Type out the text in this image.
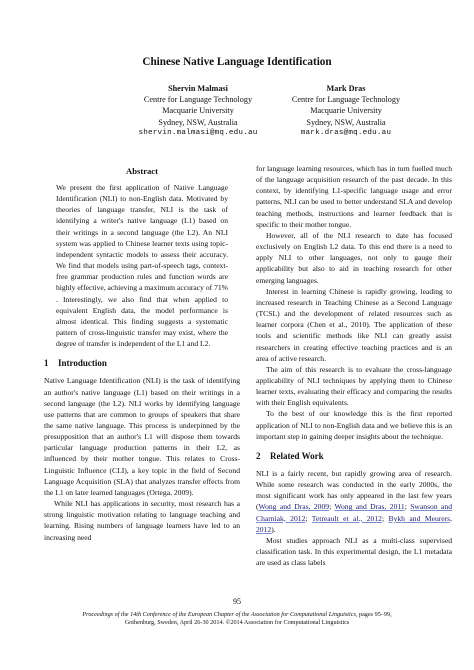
Chinese Native Language Identification
Shervin Malmasi
Centre for Language Technology
Macquarie University
Sydney, NSW, Australia
shervin.malmasi@mq.edu.au
Mark Dras
Centre for Language Technology
Macquarie University
Sydney, NSW, Australia
mark.dras@mq.edu.au
Abstract
We present the first application of Native Language Identification (NLI) to non-English data. Motivated by theories of language transfer, NLI is the task of identifying a writer's native language (L1) based on their writings in a second language (the L2). An NLI system was applied to Chinese learner texts using topic-independent syntactic models to assess their accuracy. We find that models using part-of-speech tags, context-free grammar production rules and function words are highly effective, achieving a maximum accuracy of 71% . Interestingly, we also find that when applied to equivalent English data, the model performance is almost identical. This finding suggests a systematic pattern of cross-linguistic transfer may exist, where the degree of transfer is independent of the L1 and L2.
1 Introduction

Native Language Identification (NLI) is the task of identifying an author's native language (L1) based on their writings in a second language (the L2). NLI works by identifying language use patterns that are common to groups of speakers that share the same native language. This process is underpinned by the presupposition that an author's L1 will dispose them towards particular language production patterns in their L2, as influenced by their mother tongue. This relates to Cross-Linguistic Influence (CLI), a key topic in the field of Second Language Acquisition (SLA) that analyzes transfer effects from the L1 on later learned languages (Ortega, 2009).

While NLI has applications in security, most research has a strong linguistic motivation relating to language teaching and learning. Rising numbers of language learners have led to an increasing need

for language learning resources, which has in turn fuelled much of the language acquisition research of the past decade. In this context, by identifying L1-specific language usage and error patterns, NLI can be used to better understand SLA and develop teaching methods, instructions and learner feedback that is specific to their mother tongue.

However, all of the NLI research to date has focused exclusively on English L2 data. To this end there is a need to apply NLI to other languages, not only to gauge their applicability but also to aid in teaching research for other emerging languages.

Interest in learning Chinese is rapidly growing, leading to increased research in Teaching Chinese as a Second Language (TCSL) and the development of related resources such as learner corpora (Chen et al., 2010). The application of these tools and scientific methods like NLI can greatly assist researchers in creating effective teaching practices and is an area of active research.

The aim of this research is to evaluate the cross-language applicability of NLI techniques by applying them to Chinese learner texts, evaluating their efficacy and comparing the results with their English equivalents.

To the best of our knowledge this is the first reported application of NLI to non-English data and we believe this is an important step in gaining deeper insights about the technique.

2 Related Work
NLI is a fairly recent, but rapidly growing area of research. While some research was conducted in the early 2000s, the most significant work has only appeared in the last few years (Wong and Dras, 2009; Wong and Dras, 2011; Swanson and Charniak, 2012; Tetreault et al., 2012; Bykh and Meurers, 2012).

Most studies approach NLI as a multi-class supervised classification task. In this experimental design, the L1 metadata are used as class labels

95
Proceedings of the 14th Conference of the European Chapter of the Association for Computational Linguistics, pages 95–99,
Gothenburg, Sweden, April 26-30 2014. ©2014 Association for Computational Linguistics
